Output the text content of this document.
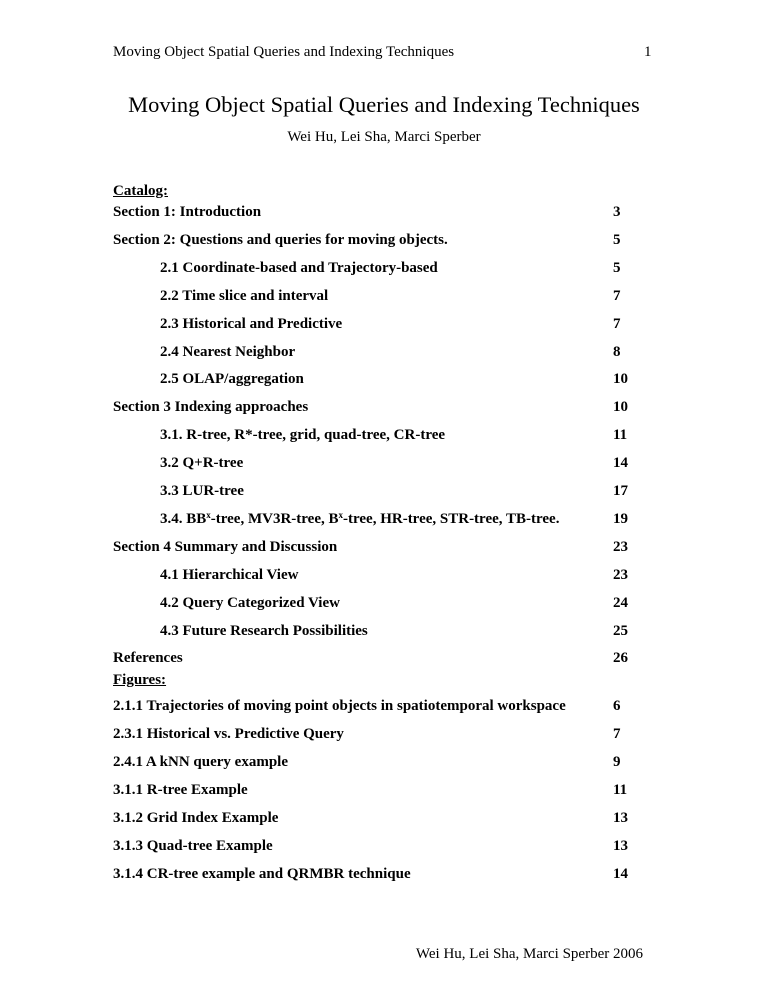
Moving Object Spatial Queries and Indexing Techniques	1
Moving Object Spatial Queries and Indexing Techniques
Wei Hu, Lei Sha, Marci Sperber
Catalog:
Section 1: Introduction	3
Section 2: Questions and queries for moving objects.	5
2.1 Coordinate-based and Trajectory-based	5
2.2 Time slice and interval	7
2.3 Historical and Predictive	7
2.4 Nearest Neighbor	8
2.5 OLAP/aggregation	10
Section 3 Indexing approaches	10
3.1. R-tree, R*-tree, grid, quad-tree, CR-tree	11
3.2 Q+R-tree	14
3.3 LUR-tree	17
3.4. $BB^x$-tree, MV3R-tree, $B^x$-tree, HR-tree, STR-tree, TB-tree.	19
Section 4 Summary and Discussion	23
4.1 Hierarchical View	23
4.2 Query Categorized View	24
4.3 Future Research Possibilities	25
References	26
Figures:
2.1.1 Trajectories of moving point objects in spatiotemporal workspace	6
2.3.1 Historical vs. Predictive Query	7
2.4.1 A kNN query example	9
3.1.1 R-tree Example	11
3.1.2 Grid Index Example	13
3.1.3 Quad-tree Example	13
3.1.4 CR-tree example and QRMBR technique	14
Wei Hu, Lei Sha, Marci Sperber 2006
